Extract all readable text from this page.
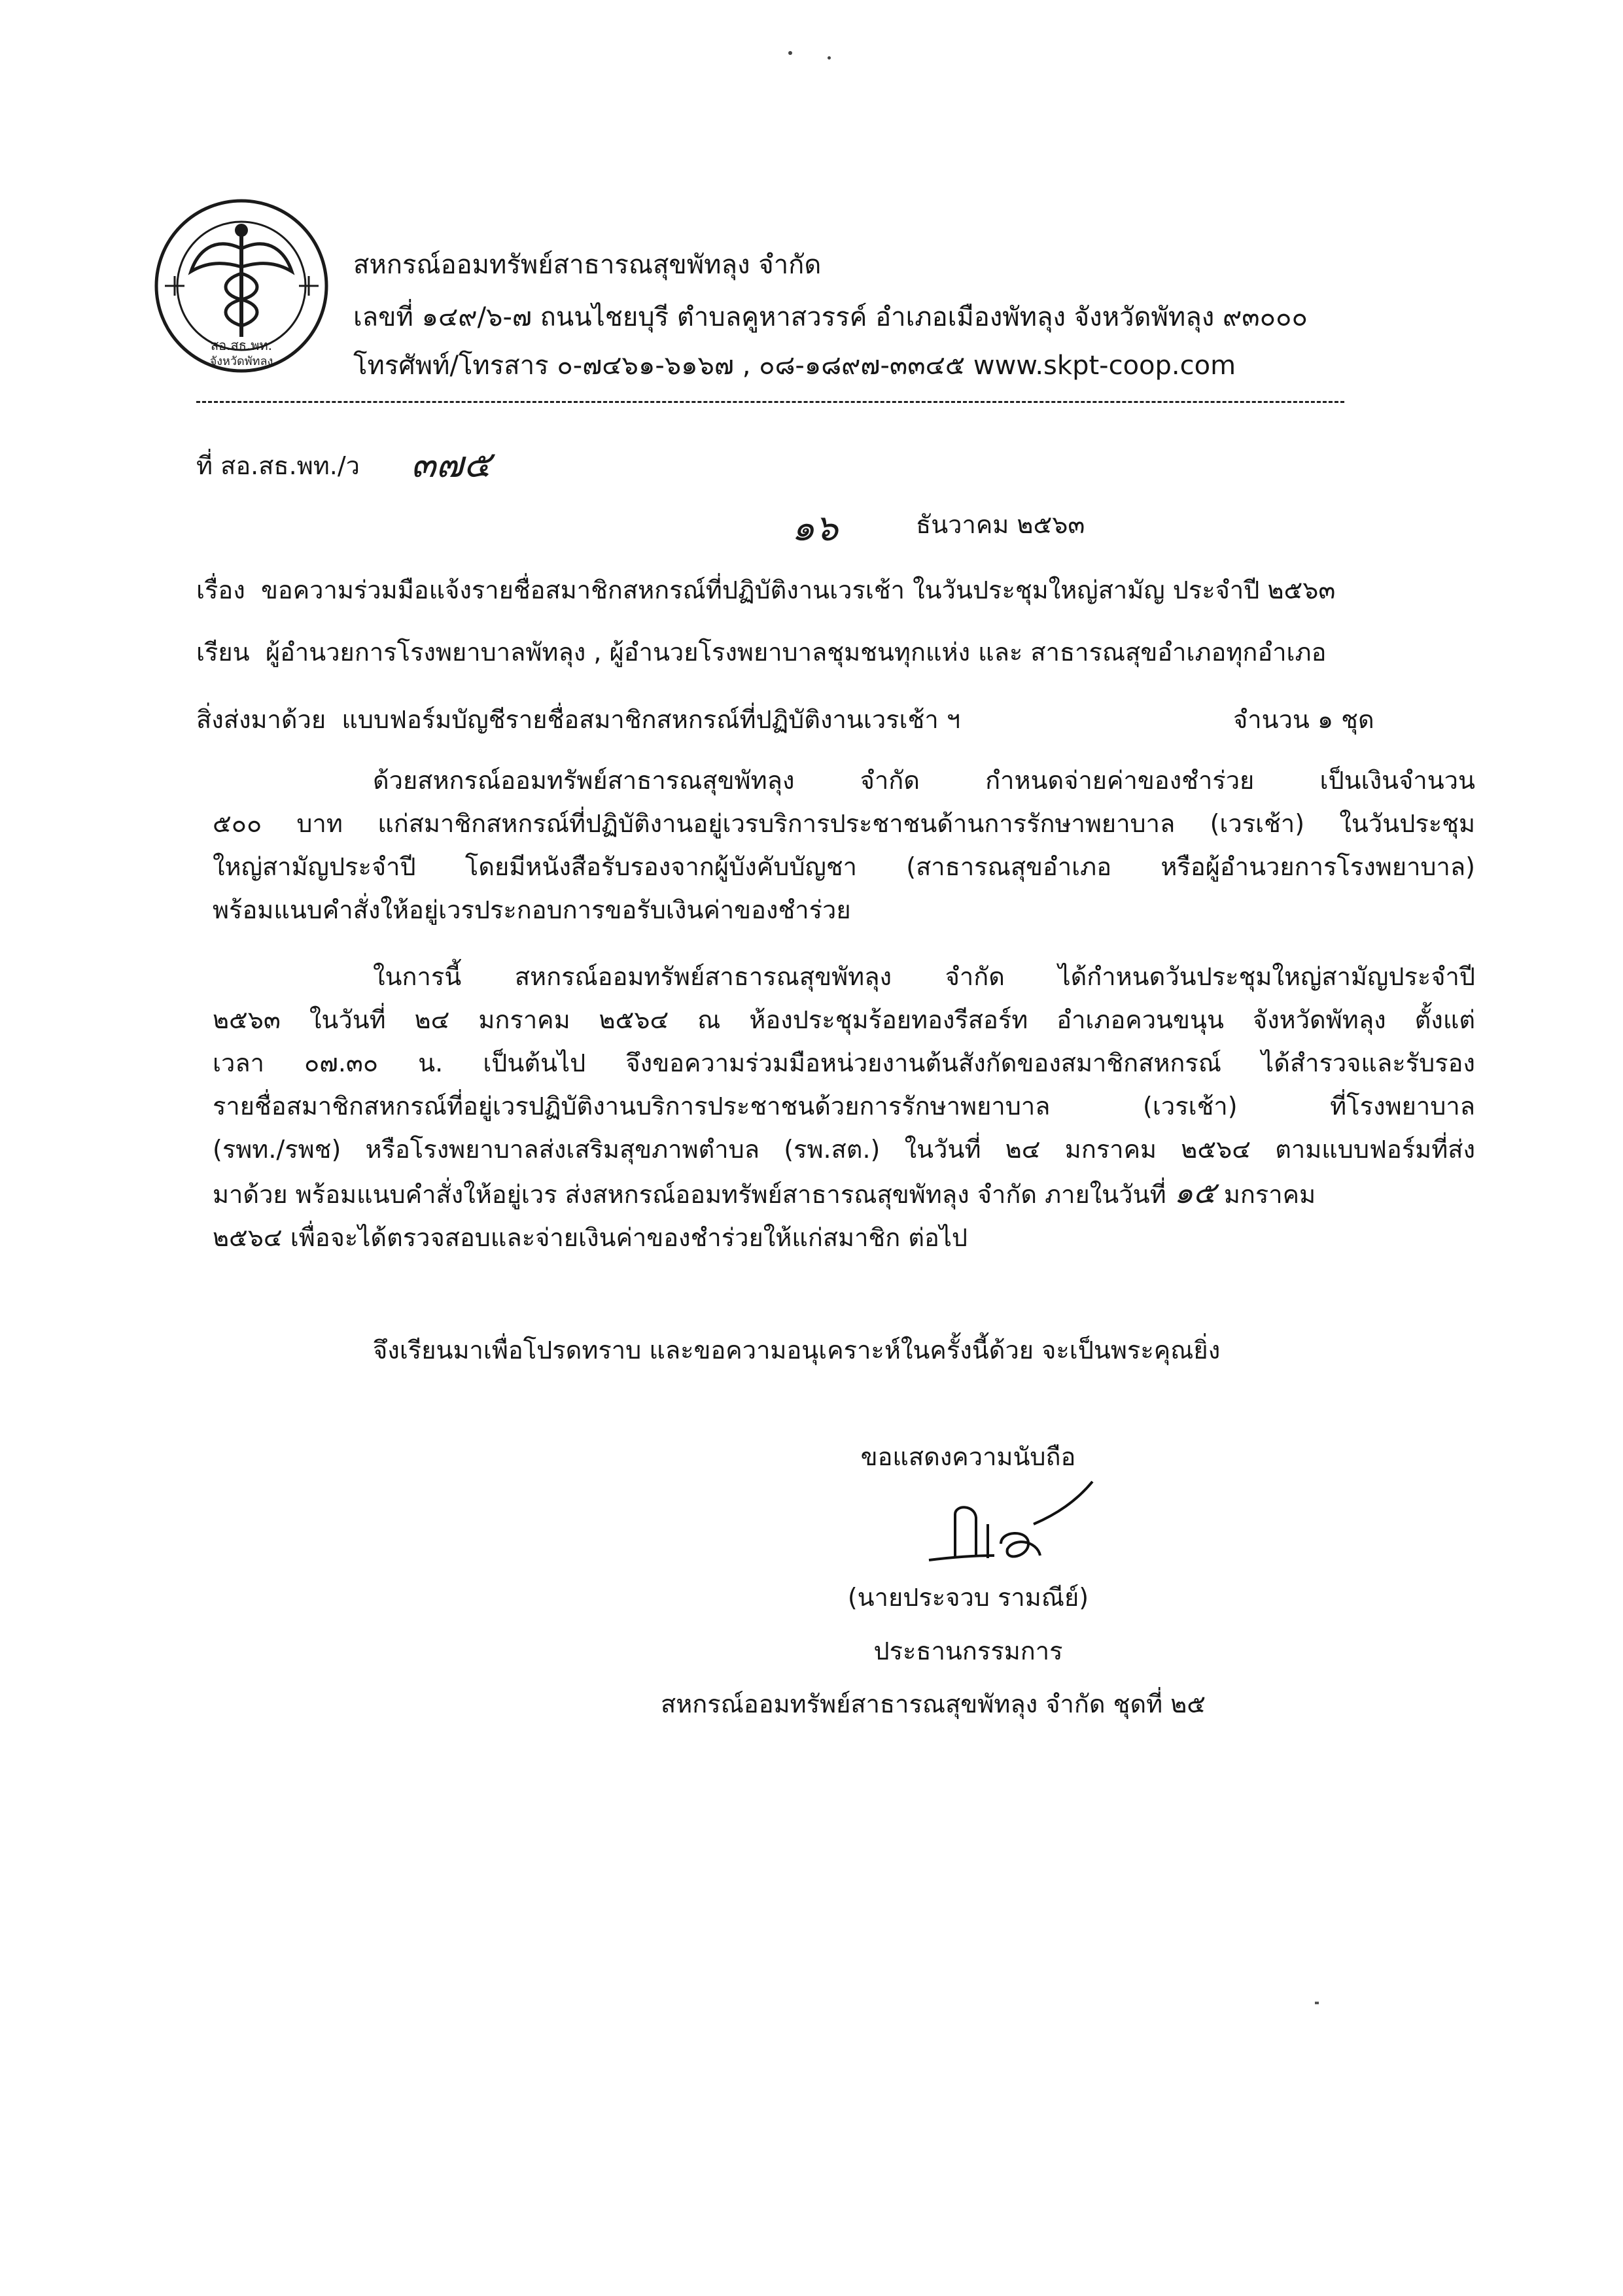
สอ.สธ.พท.
จังหวัดพัทลุง
สหกรณ์ออมทรัพย์สาธารณสุขพัทลุง จำกัด
เลขที่ ๑๔๙/๖-๗ ถนนไชยบุรี ตำบลคูหาสวรรค์ อำเภอเมืองพัทลุง จังหวัดพัทลุง ๙๓๐๐๐
โทรศัพท์/โทรสาร ๐-๗๔๖๑-๖๑๖๗ , ๐๘-๑๘๙๗-๓๓๔๕ www.skpt-coop.com
ที่ สอ.สธ.พท./ว ๓๗๕
๑๖	ธันวาคม ๒๕๖๓
เรื่อง ขอความร่วมมือแจ้งรายชื่อสมาชิกสหกรณ์ที่ปฏิบัติงานเวรเช้า ในวันประชุมใหญ่สามัญ ประจำปี ๒๕๖๓
เรียน ผู้อำนวยการโรงพยาบาลพัทลุง , ผู้อำนวยโรงพยาบาลชุมชนทุกแห่ง และ สาธารณสุขอำเภอทุกอำเภอ
สิ่งส่งมาด้วย แบบฟอร์มบัญชีรายชื่อสมาชิกสหกรณ์ที่ปฏิบัติงานเวรเช้า ฯ	จำนวน ๑ ชุด

ด้วยสหกรณ์ออมทรัพย์สาธารณสุขพัทลุง จำกัด กำหนดจ่ายค่าของชำร่วย เป็นเงินจำนวน

๕๐๐ บาท แก่สมาชิกสหกรณ์ที่ปฏิบัติงานอยู่เวรบริการประชาชนด้านการรักษาพยาบาล (เวรเช้า) ในวันประชุม

ใหญ่สามัญประจำปี โดยมีหนังสือรับรองจากผู้บังคับบัญชา (สาธารณสุขอำเภอ หรือผู้อำนวยการโรงพยาบาล)

พร้อมแนบคำสั่งให้อยู่เวรประกอบการขอรับเงินค่าของชำร่วย

ในการนี้ สหกรณ์ออมทรัพย์สาธารณสุขพัทลุง จำกัด ได้กำหนดวันประชุมใหญ่สามัญประจำปี

๒๕๖๓ ในวันที่ ๒๔ มกราคม ๒๕๖๔ ณ ห้องประชุมร้อยทองรีสอร์ท อำเภอควนขนุน จังหวัดพัทลุง ตั้งแต่

เวลา ๐๗.๓๐ น. เป็นต้นไป จึงขอความร่วมมือหน่วยงานต้นสังกัดของสมาชิกสหกรณ์ ได้สำรวจและรับรอง

รายชื่อสมาชิกสหกรณ์ที่อยู่เวรปฏิบัติงานบริการประชาชนด้วยการรักษาพยาบาล (เวรเช้า) ที่โรงพยาบาล

(รพท./รพช) หรือโรงพยาบาลส่งเสริมสุขภาพตำบล (รพ.สต.) ในวันที่ ๒๔ มกราคม ๒๕๖๔ ตามแบบฟอร์มที่ส่ง

มาด้วย พร้อมแนบคำสั่งให้อยู่เวร ส่งสหกรณ์ออมทรัพย์สาธารณสุขพัทลุง จำกัด ภายในวันที่ ๑๕ มกราคม

๒๕๖๔ เพื่อจะได้ตรวจสอบและจ่ายเงินค่าของชำร่วยให้แก่สมาชิก ต่อไป

จึงเรียนมาเพื่อโปรดทราบ และขอความอนุเคราะห์ในครั้งนี้ด้วย จะเป็นพระคุณยิ่ง
ขอแสดงความนับถือ
(นายประจวบ รามณีย์)
ประธานกรรมการ
สหกรณ์ออมทรัพย์สาธารณสุขพัทลุง จำกัด ชุดที่ ๒๕
